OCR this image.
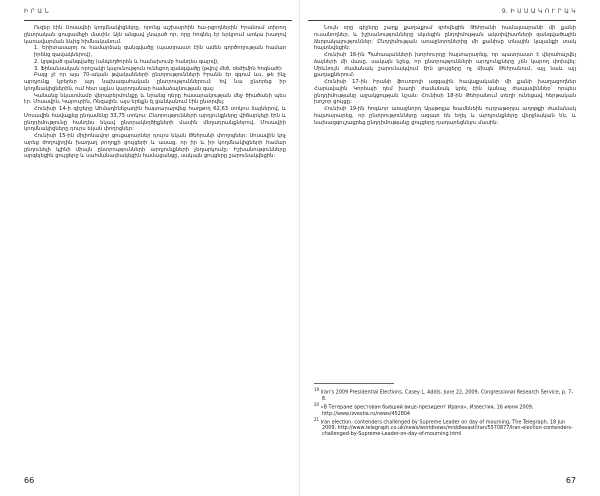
Ի Ր Ա Ն

Ուզեր էին Սոսավեի կողմնակիցները, որոնց աշխարհին հա-րցողներին Իրանում տիրող ընտրական ցուցամեջի մասին: Այն անցավ չնայած որ, որը հոգնել էր երկրում առկա խաղով կառավարման ձևից հիմնականում.

1. Երիտասարդ ու համարձակ զանգվածը (պատրաստ էին ամեն գործողության համար իրենց զավակներով),
2. կրթված զանգվածը (անկեղծորեն և համախումբ հանդես գալով),
3. Ֆինանսական որոշակի կայունություն ունեցող զանգվածը (թվով մեծ, ռեժիմին հոգնած):

Բայց չէ որ այս 70-ական թվականների ընտրությունների Իրանն էր զգում ևս, թե ինչ արդյունք կբերեր այդ նախագահական ընտրություններում: Եվ նա ընտրեց իր կողմնակիցներին, ում հետ այլևս կարողանար համաձայնության գալ:

Կանանց նկատմամբ վերաբերմունքը և նրանց դերը հասարակության մեջ ծիածանի պես էր. Մոսավին, Կարուբին, Ռեզային. այս երեքն էլ ցանկանում էին ընտրվել:

Հունիսի 14-ի գիշերը Ահմադինեջադին հայտարարվեց հաղթող 62,63 տոկոս ձայներով, և Մոսավին հավաքեց ընդամենը 33,75 տոկոս: Ընտրությունների արդյունքները վիճարկելի էին և ընդդիմությունը հանդես եկավ ընտրակեղծիքների մասին մեղադրանքներով. Մոսավիի կողմնակիցները դուրս եկան փողոցներ:

Հունիսի 15-ին միլիոնավոր ցուցարարներ դուրս եկան Թեհրանի փողոցներ: Սոսավին կոչ արեց ժողովրդին խաղաղ բողոքի ցույցերի և ասաց, որ իր և իր կողմնակիցների համար ընդունելի կլինի միայն ընտրությունների արդյունքների չեղարկումը: Իշխանությունները արգելեցին ցույցերը և սահմանափակեցին համացանցը, սակայն ցույցերը շարունակվեցին:

66
9. Ի Ս Ս Ա Կ Ո Ւ Ր Ա Կ

Նույն օրը գիշերը շարք քաղաքում զոհվեցին Թեհրանի համալսարանի մի քանի ուսանողներ, և իշխանությունները սկսեցին ընդդիմության ակտիվիստների զանգվածային ձերբակալություններ: Ընդդիմության առաջնորդներից մի քանիսը տնային կալանքի տակ հայտնվեցին:

Հունիսի 16-ին Պահապանների խորհուրդը հայտարարեց, որ պատրաստ է վերահաշվել ձայների մի մասը, սակայն նշեց, որ ընտրությունների արդյունքները չեն կարող փոխվել: Միևնույն ժամանակ շարունակվում էին ցույցերը ոչ միայն Թեհրանում, այլ նաև այլ քաղաքներում:

Հունիսի 17-ին Իրանի ֆուտբոլի ազգային հավաքականի մի քանի խաղացողներ Հարավային Կորեայի դեմ խաղի ժամանակ կրել էին կանաչ ժապավեններ՝ որպես ընդդիմությանը աջակցության նշան: Հունիսի 18-ին Թեհրանում տեղի ունեցավ հերթական խոշոր ցույցը:

Հունիսի 19-ին հոգևոր առաջնորդ Այաթոլլա Խամենեին ուրբաթօրյա աղոթքի ժամանակ հայտարարեց, որ ընտրությունները ազատ են եղել և արդյունքները վերջնական են, և նախազգուշացրեց ընդդիմությանը ցույցերը դադարեցնելու մասին:

$^{19}$ Iran's 2009 Presidential Elections, Casey L. Addis, June 22, 2009, Congressional Research Service, p. 7–8.

$^{20}$ «В Тегеране арестован бывший вице-президент Ирана», Известия, 16 июня 2009, http://www.izvestia.ru/news/452804

$^{21}$ Iran election: contenders challenged by Supreme Leader on day of mourning, The Telegraph, 18 Jun 2009, http://www.telegraph.co.uk/news/worldnews/middleeast/iran/5570877/Iran-election-contenders-challenged-by-Supreme-Leader-on-day-of-mourning.html

67
